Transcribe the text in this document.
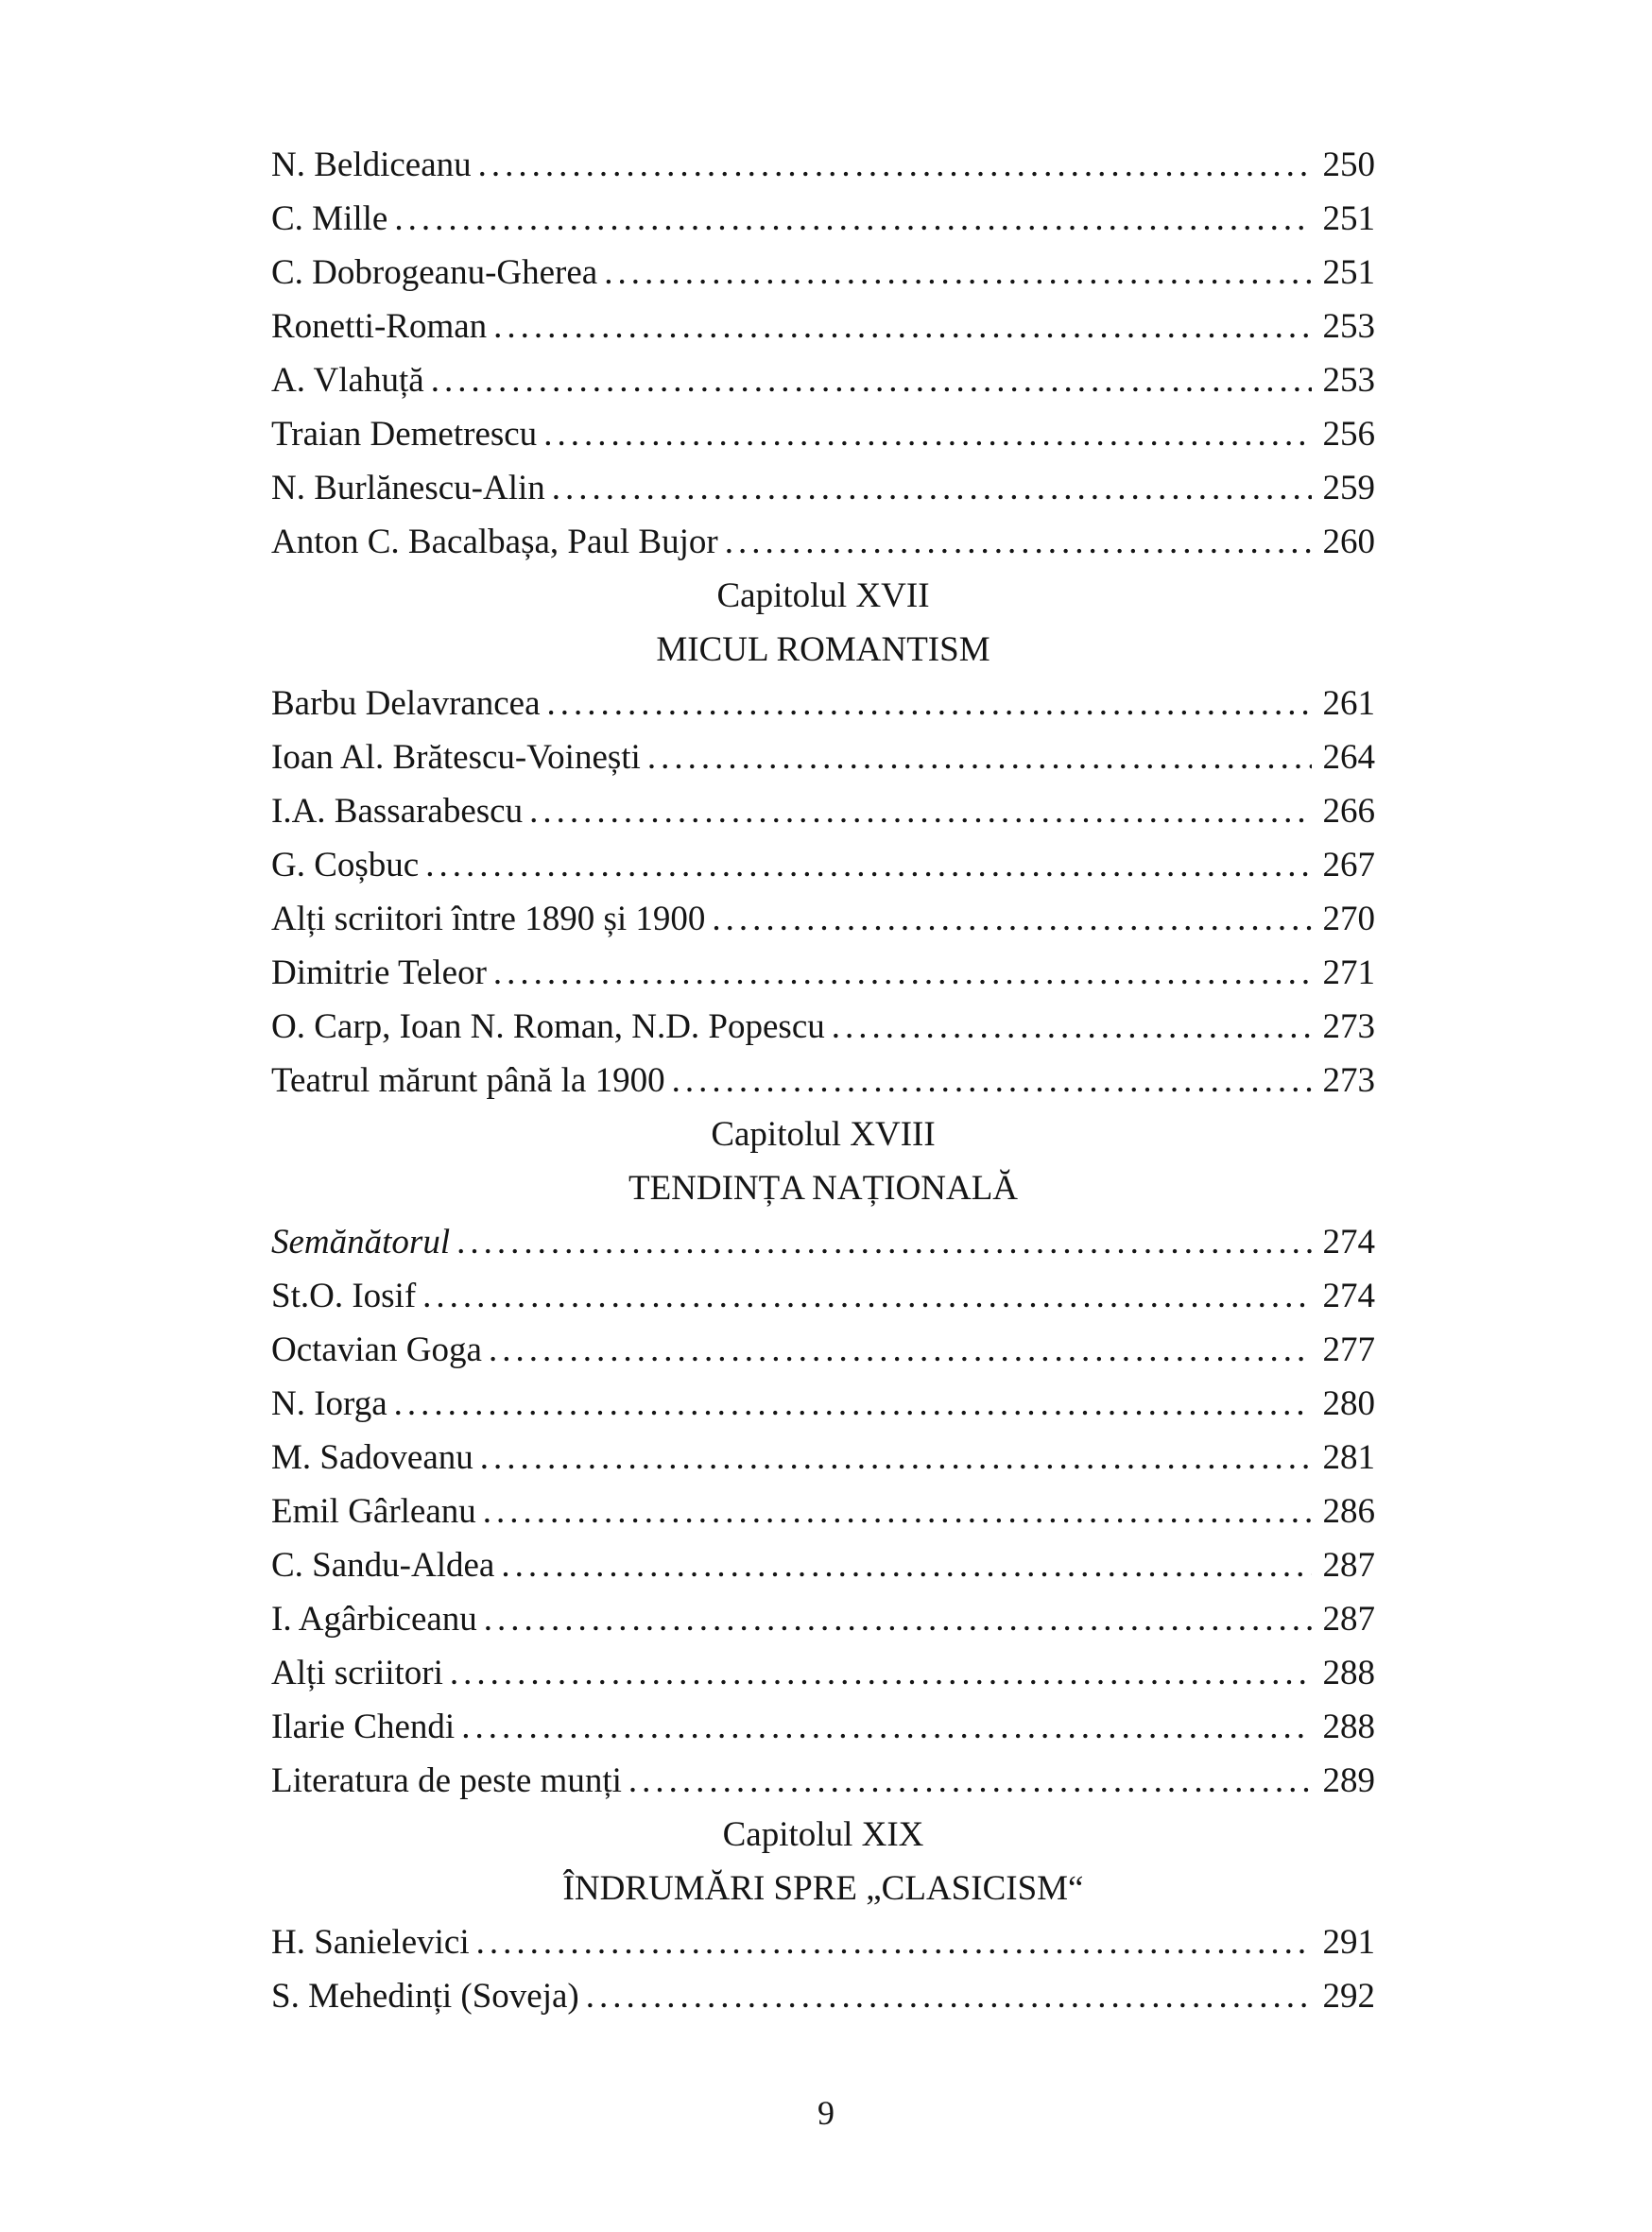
N. Beldiceanu .....	250
C. Mille .....	251
C. Dobrogeanu-Gherea .....	251
Ronetti-Roman .....	253
A. Vlahuță .....	253
Traian Demetrescu .....	256
N. Burlănescu-Alin .....	259
Anton C. Bacalbașa, Paul Bujor .....	260
Capitolul XVII
MICUL ROMANTISM
Barbu Delavrancea .....	261
Ioan Al. Brătescu-Voinești .....	264
I.A. Bassarabescu .....	266
G. Coșbuc .....	267
Alți scriitori între 1890 și 1900 .....	270
Dimitrie Teleor .....	271
O. Carp, Ioan N. Roman, N.D. Popescu .....	273
Teatrul mărunt până la 1900 .....	273
Capitolul XVIII
TENDINȚA NAȚIONALĂ
Semănătorul .....	274
St.O. Iosif .....	274
Octavian Goga .....	277
N. Iorga .....	280
M. Sadoveanu .....	281
Emil Gârleanu .....	286
C. Sandu-Aldea .....	287
I. Agârbiceanu .....	287
Alți scriitori .....	288
Ilarie Chendi .....	288
Literatura de peste munți .....	289
Capitolul XIX
ÎNDRUMĂRI SPRE „CLASICISM“
H. Sanielevici .....	291
S. Mehedinți (Soveja) .....	292
9
